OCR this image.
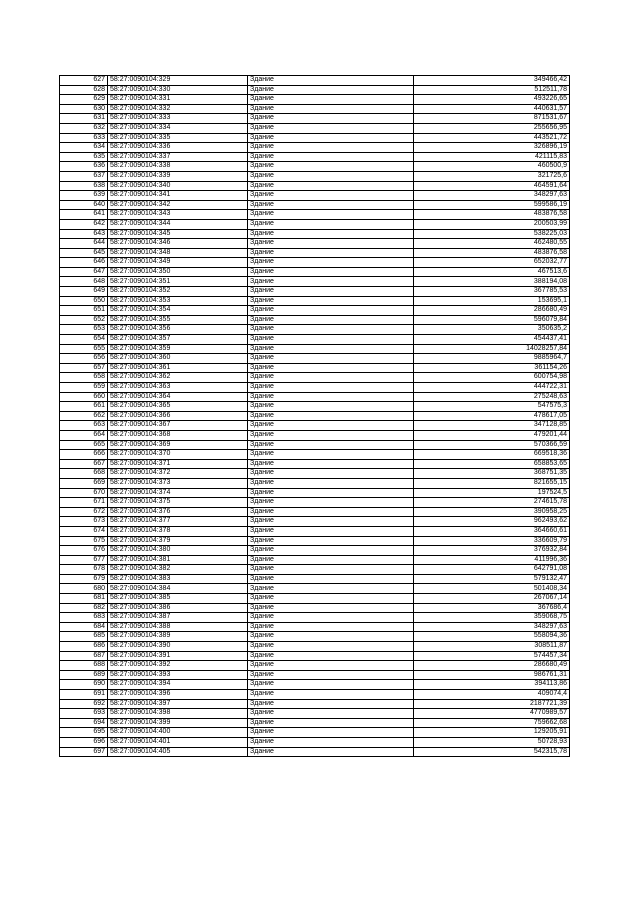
627	58:27:0090104:329	Здание	349466,42
628	58:27:0090104:330	Здание	512511,78
629	58:27:0090104:331	Здание	493226,65
630	58:27:0090104:332	Здание	440631,57
631	58:27:0090104:333	Здание	871531,67
632	58:27:0090104:334	Здание	255656,95
633	58:27:0090104:335	Здание	443521,72
634	58:27:0090104:336	Здание	326896,19
635	58:27:0090104:337	Здание	421115,83
636	58:27:0090104:338	Здание	460500,9
637	58:27:0090104:339	Здание	321725,6
638	58:27:0090104:340	Здание	464591,64
639	58:27:0090104:341	Здание	348297,63
640	58:27:0090104:342	Здание	599586,19
641	58:27:0090104:343	Здание	483876,58
642	58:27:0090104:344	Здание	200503,99
643	58:27:0090104:345	Здание	538225,03
644	58:27:0090104:346	Здание	462480,55
645	58:27:0090104:348	Здание	483876,58
646	58:27:0090104:349	Здание	652032,77
647	58:27:0090104:350	Здание	467513,6
648	58:27:0090104:351	Здание	388194,08
649	58:27:0090104:352	Здание	367785,53
650	58:27:0090104:353	Здание	153695,1
651	58:27:0090104:354	Здание	286680,49
652	58:27:0090104:355	Здание	596079,84
653	58:27:0090104:356	Здание	350635,2
654	58:27:0090104:357	Здание	454437,41
655	58:27:0090104:359	Здание	14028257,84
656	58:27:0090104:360	Здание	9885964,7
657	58:27:0090104:361	Здание	361154,26
658	58:27:0090104:362	Здание	600754,98
659	58:27:0090104:363	Здание	444722,31
660	58:27:0090104:364	Здание	275248,63
661	58:27:0090104:365	Здание	547575,3
662	58:27:0090104:366	Здание	478617,05
663	58:27:0090104:367	Здание	347128,85
664	58:27:0090104:368	Здание	479201,44
665	58:27:0090104:369	Здание	570366,59
666	58:27:0090104:370	Здание	669518,36
667	58:27:0090104:371	Здание	658853,65
668	58:27:0090104:372	Здание	368751,35
669	58:27:0090104:373	Здание	821655,15
670	58:27:0090104:374	Здание	197524,5
671	58:27:0090104:375	Здание	274615,78
672	58:27:0090104:376	Здание	390958,25
673	58:27:0090104:377	Здание	962493,62
674	58:27:0090104:378	Здание	364660,61
675	58:27:0090104:379	Здание	336609,79
676	58:27:0090104:380	Здание	376932,84
677	58:27:0090104:381	Здание	411996,36
678	58:27:0090104:382	Здание	642791,08
679	58:27:0090104:383	Здание	579132,47
680	58:27:0090104:384	Здание	501408,34
681	58:27:0090104:385	Здание	267067,14
682	58:27:0090104:386	Здание	367686,4
683	58:27:0090104:387	Здание	359068,75
684	58:27:0090104:388	Здание	348297,63
685	58:27:0090104:389	Здание	558094,36
686	58:27:0090104:390	Здание	308511,87
687	58:27:0090104:391	Здание	574457,34
688	58:27:0090104:392	Здание	286680,49
689	58:27:0090104:393	Здание	986761,31
690	58:27:0090104:394	Здание	394113,86
691	58:27:0090104:396	Здание	409074,4
692	58:27:0090104:397	Здание	2187721,39
693	58:27:0090104:398	Здание	4770989,57
694	58:27:0090104:399	Здание	759662,68
695	58:27:0090104:400	Здание	129205,91
696	58:27:0090104:401	Здание	50728,93
697	58:27:0090104:405	Здание	542315,78
